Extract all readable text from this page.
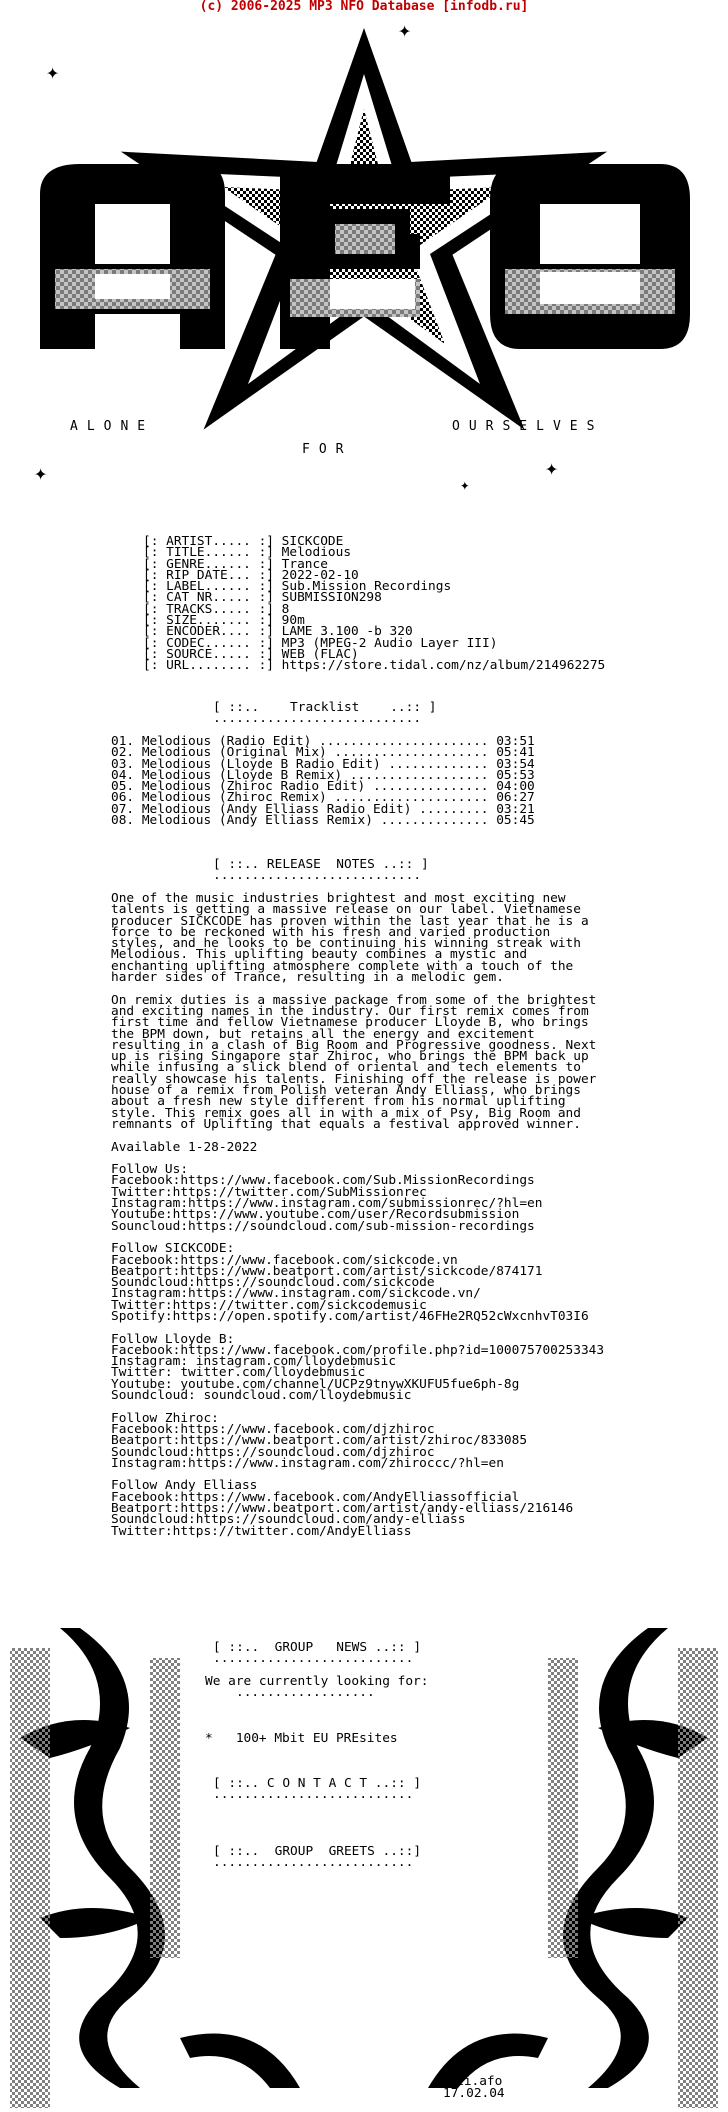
(c) 2006-2025 MP3 NFO Database [infodb.ru]
✦
✦
✦	✦
✦
ALONE
FOR
OURSELVES
[: ARTIST..... :] SICKCODE
[: TITLE...... :] Melodious
[: GENRE...... :] Trance
[: RIP DATE... :] 2022-02-10
[: LABEL...... :] Sub.Mission Recordings
[: CAT NR..... :] SUBMISSION298
[: TRACKS..... :] 8
[: SIZE....... :] 90m
[: ENCODER.... :] LAME 3.100 -b 320
[: CODEC...... :] MP3 (MPEG-2 Audio Layer III)
[: SOURCE..... :] WEB (FLAC)
[: URL........ :] https://store.tidal.com/nz/album/214962275
[ ::..    Tracklist    ..:: ]
...........................
01. Melodious (Radio Edit) ...................... 03:51
02. Melodious (Original Mix) .................... 05:41
03. Melodious (Lloyde B Radio Edit) ............. 03:54
04. Melodious (Lloyde B Remix) .................. 05:53
05. Melodious (Zhiroc Radio Edit) ............... 04:00
06. Melodious (Zhiroc Remix) .................... 06:27
07. Melodious (Andy Elliass Radio Edit) ......... 03:21
08. Melodious (Andy Elliass Remix) .............. 05:45
[ ::.. RELEASE  NOTES ..:: ]
...........................
One of the music industries brightest and most exciting new
talents is getting a massive release on our label. Vietnamese
producer SICKCODE has proven within the last year that he is a
force to be reckoned with his fresh and varied production
styles, and he looks to be continuing his winning streak with
Melodious. This uplifting beauty combines a mystic and
enchanting uplifting atmosphere complete with a touch of the
harder sides of Trance, resulting in a melodic gem.

On remix duties is a massive package from some of the brightest
and exciting names in the industry. Our first remix comes from
first time and fellow Vietnamese producer Lloyde B, who brings
the BPM down, but retains all the energy and excitement
resulting in a clash of Big Room and Progressive goodness. Next
up is rising Singapore star Zhiroc, who brings the BPM back up
while infusing a slick blend of oriental and tech elements to
really showcase his talents. Finishing off the release is power
house of a remix from Polish veteran Andy Elliass, who brings
about a fresh new style different from his normal uplifting
style. This remix goes all in with a mix of Psy, Big Room and
remnants of Uplifting that equals a festival approved winner.

Available 1-28-2022

Follow Us:
Facebook:https://www.facebook.com/Sub.MissionRecordings
Twitter:https://twitter.com/SubMissionrec
Instagram:https://www.instagram.com/submissionrec/?hl=en
Youtube:https://www.youtube.com/user/Recordsubmission
Souncloud:https://soundcloud.com/sub-mission-recordings

Follow SICKCODE:
Facebook:https://www.facebook.com/sickcode.vn
Beatport:https://www.beatport.com/artist/sickcode/874171
Soundcloud:https://soundcloud.com/sickcode
Instagram:https://www.instagram.com/sickcode.vn/
Twitter:https://twitter.com/sickcodemusic
Spotify:https://open.spotify.com/artist/46FHe2RQ52cWxcnhvT03I6

Follow Lloyde B:
Facebook:https://www.facebook.com/profile.php?id=100075700253343
Instagram: instagram.com/lloydebmusic
Twitter: twitter.com/lloydebmusic
Youtube: youtube.com/channel/UCPz9tnywXKUFU5fue6ph-8g
Soundcloud: soundcloud.com/lloydebmusic

Follow Zhiroc:
Facebook:https://www.facebook.com/djzhiroc
Beatport:https://www.beatport.com/artist/zhiroc/833085
Soundcloud:https://soundcloud.com/djzhiroc
Instagram:https://www.instagram.com/zhiroccc/?hl=en

Follow Andy Elliass
Facebook:https://www.facebook.com/AndyElliassofficial
Beatport:https://www.beatport.com/artist/andy-elliass/216146
Soundcloud:https://soundcloud.com/andy-elliass
Twitter:https://twitter.com/AndyElliass
[ ::..  GROUP   NEWS ..:: ]
..........................
We are currently looking for:
..................
*   100+ Mbit EU PREsites
[ ::.. C O N T A C T ..:: ]
..........................
[ ::..  GROUP  GREETS ..::]
..........................
ascii.afo
17.02.04
